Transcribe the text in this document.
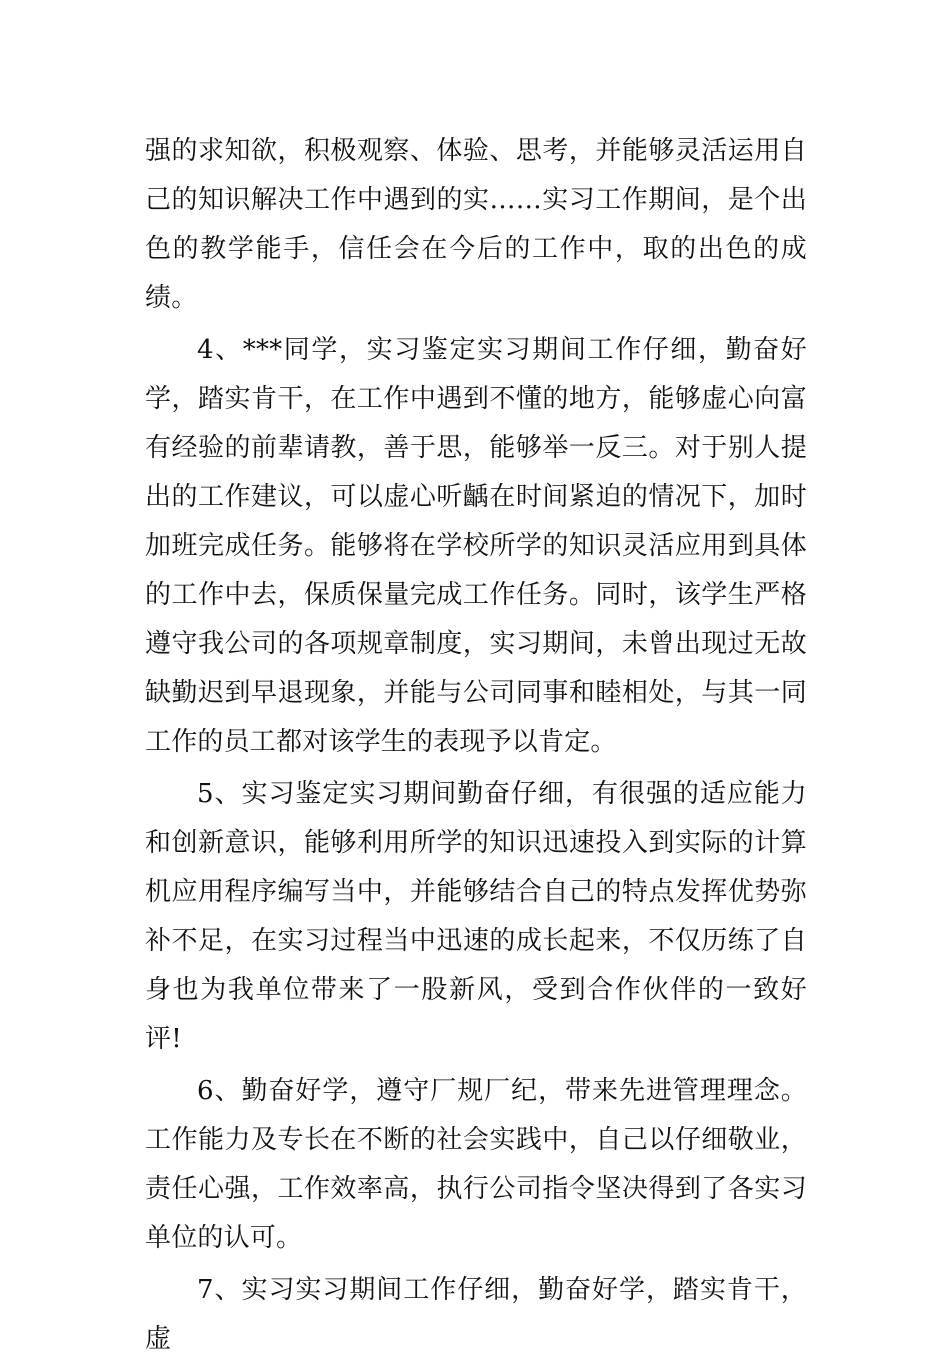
强的求知欲，积极观察、体验、思考，并能够灵活运用自己的知识解决工作中遇到的实……实习工作期间，是个出色的教学能手，信任会在今后的工作中，取的出色的成绩。

4、***同学，实习鉴定实习期间工作仔细，勤奋好学，踏实肯干，在工作中遇到不懂的地方，能够虚心向富有经验的前辈请教，善于思，能够举一反三。对于别人提出的工作建议，可以虚心听齲在时间紧迫的情况下，加时加班完成任务。能够将在学校所学的知识灵活应用到具体的工作中去，保质保量完成工作任务。同时，该学生严格遵守我公司的各项规章制度，实习期间，未曾出现过无故缺勤迟到早退现象，并能与公司同事和睦相处，与其一同工作的员工都对该学生的表现予以肯定。

5、实习鉴定实习期间勤奋仔细，有很强的适应能力和创新意识，能够利用所学的知识迅速投入到实际的计算机应用程序编写当中，并能够结合自己的特点发挥优势弥补不足，在实习过程当中迅速的成长起来，不仅历练了自身也为我单位带来了一股新风，受到合作伙伴的一致好评!

6、勤奋好学，遵守厂规厂纪，带来先进管理理念。工作能力及专长在不断的社会实践中，自己以仔细敬业，责任心强，工作效率高，执行公司指令坚决得到了各实习单位的认可。

7、实习实习期间工作仔细，勤奋好学，踏实肯干，虚
